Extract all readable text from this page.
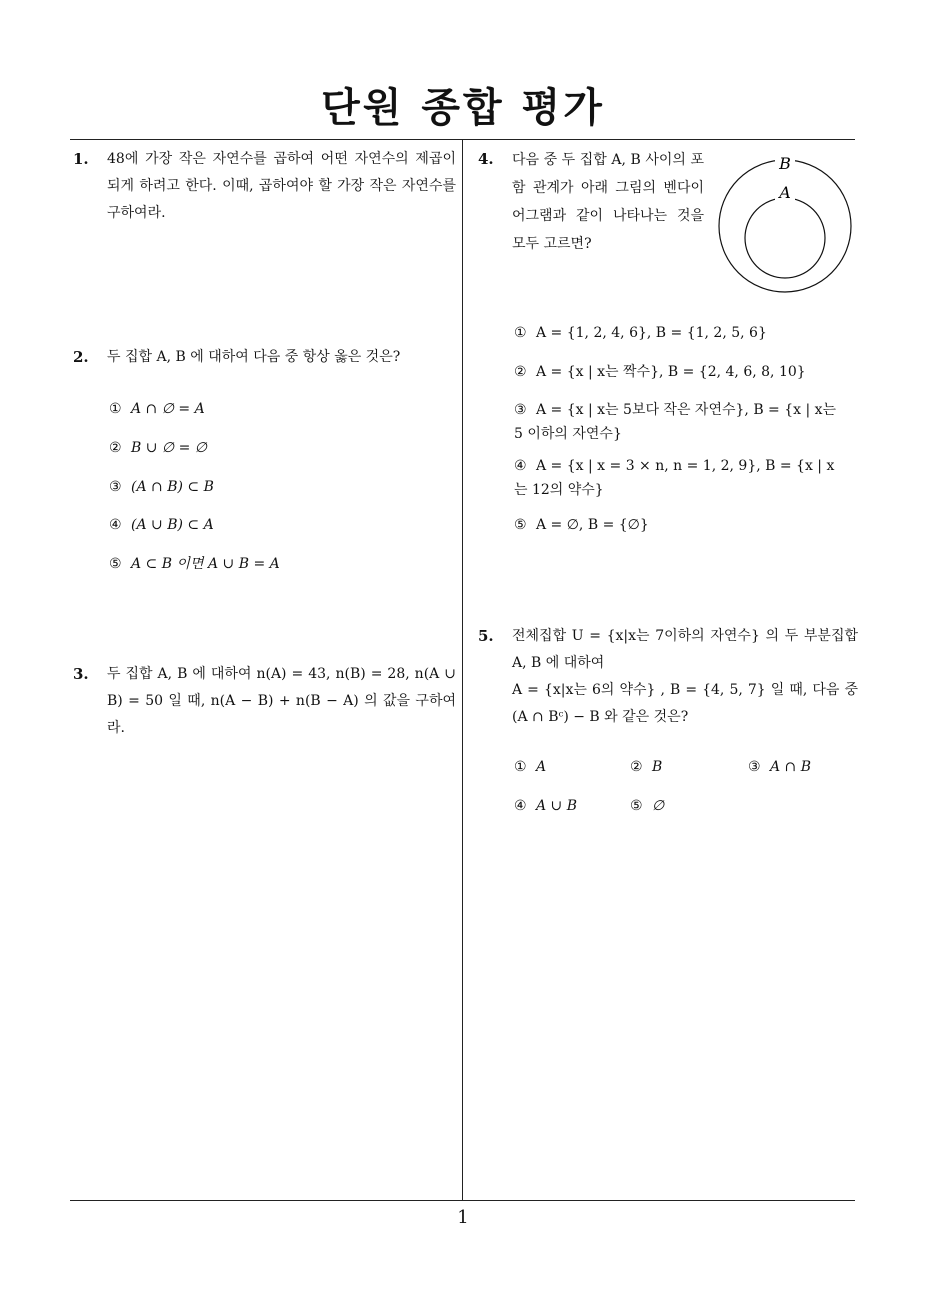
단원 종합 평가
1. 48에 가장 작은 자연수를 곱하여 어떤 자연수의 제곱이 되게 하려고 한다. 이때, 곱하여야 할 가장 작은 자연수를 구하여라.
2. 두 집합 A, B 에 대하여 다음 중 항상 옳은 것은?
① A ∩ ∅ = A
② B ∪ ∅ = ∅
③ (A ∩ B) ⊂ B
④ (A ∪ B) ⊂ A
⑤ A ⊂ B 이면 A ∪ B = A
3. 두 집합 A, B 에 대하여 n(A) = 43, n(B) = 28, n(A ∪ B) = 50 일 때, n(A − B) + n(B − A) 의 값을 구하여라.
4. 다음 중 두 집합 A, B 사이의 포함 관계가 아래 그림의 벤다이어그램과 같이 나타나는 것을 모두 고르면?
B
A
① A = {1, 2, 4, 6}, B = {1, 2, 5, 6}
② A = {x | x는 짝수}, B = {2, 4, 6, 8, 10}
③ A = {x | x는 5보다 작은 자연수}, B = {x | x는 5 이하의 자연수}
④ A = {x | x = 3 × n, n = 1, 2, 9}, B = {x | x는 12의 약수}
⑤ A = ∅, B = {∅}
5. 전체집합 U = {x|x는 7이하의 자연수} 의 두 부분집합 A, B 에 대하여
A = {x|x는 6의 약수} , B = {4, 5, 7} 일 때, 다음 중 (A ∩ Bᶜ) − B 와 같은 것은?
① A	② B	③ A ∩ B
④ A ∪ B	⑤ ∅
1
